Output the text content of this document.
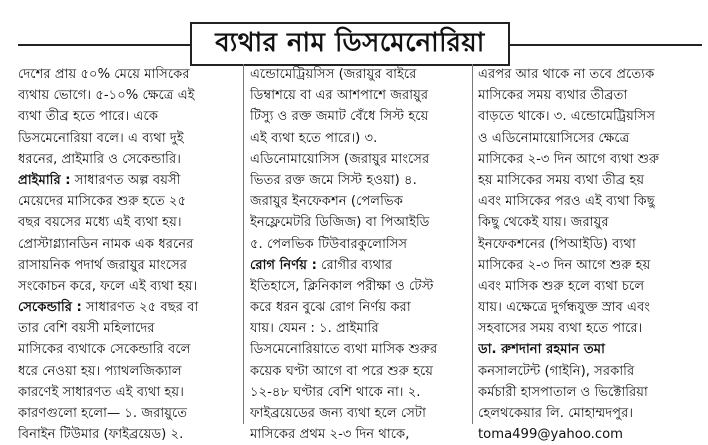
ব্যথার নাম ডিসমেনোরিয়া
দেশের প্রায় ৫০% মেয়ে মাসিকের
ব্যথায় ভোগে। ৫-১০% ক্ষেত্রে এই
ব্যথা তীব্র হতে পারে। একে
ডিসমেনোরিয়া বলে। এ ব্যথা দুই
ধরনের, প্রাইমারি ও সেকেন্ডারি।
প্রাইমারি : সাধারণত অল্প বয়সী
মেয়েদের মাসিকের শুরু হতে ২৫
বছর বয়সের মধ্যে এই ব্যথা হয়।
প্রোস্টাগ্ল্যানডিন নামক এক ধরনের
রাসায়নিক পদার্থ জরায়ুর মাংসের
সংকোচন করে, ফলে এই ব্যথা হয়।
সেকেন্ডারি : সাধারণত ২৫ বছর বা
তার বেশি বয়সী মহিলাদের
মাসিকের ব্যথাকে সেকেন্ডারি বলে
ধরে নেওয়া হয়। প্যাথলজিক্যাল
কারণেই সাধারণত এই ব্যথা হয়।
কারণগুলো হলো— ১. জরায়ুতে
বিনাইন টিউমার (ফাইব্রয়েড) ২.
এন্ডোমেট্রিয়সিস (জরায়ুর বাইরে
ডিম্বাশয়ে বা এর আশপাশে জরায়ুর
টিস্যু ও রক্ত জমাট বেঁধে সিস্ট হয়ে
এই ব্যথা হতে পারে।) ৩.
এডিনোমায়োসিস (জরায়ুর মাংসের
ভিতর রক্ত জমে সিস্ট হওয়া) ৪.
জরায়ুর ইনফেকশন (পেলভিক
ইনফ্লেমেটরি ডিজিজ) বা পিআইডি
৫. পেলভিক টিউবারকুলোসিস
রোগ নির্ণয় : রোগীর ব্যথার
ইতিহাসে, ক্লিনিকাল পরীক্ষা ও টেস্ট
করে ধরন বুঝে রোগ নির্ণয় করা
যায়। যেমন : ১. প্রাইমারি
ডিসমেনোরিয়াতে ব্যথা মাসিক শুরুর
কয়েক ঘণ্টা আগে বা পরে শুরু হয়ে
১২-৪৮ ঘণ্টার বেশি থাকে না। ২.
ফাইব্রয়েডের জন্য ব্যথা হলে সেটা
মাসিকের প্রথম ২-৩ দিন থাকে,
এরপর আর থাকে না তবে প্রত্যেক
মাসিকের সময় ব্যথার তীব্রতা
বাড়তে থাকে। ৩. এন্ডোমেট্রিয়সিস
ও এডিনোমায়োসিসের ক্ষেত্রে
মাসিকের ২-৩ দিন আগে ব্যথা শুরু
হয় মাসিকের সময় ব্যথা তীব্র হয়
এবং মাসিকের পরও এই ব্যথা কিছু
কিছু থেকেই যায়। জরায়ুর
ইনফেকশনের (পিআইডি) ব্যথা
মাসিকের ২-৩ দিন আগে শুরু হয়
এবং মাসিক শুরু হলে ব্যথা চলে
যায়। এক্ষেত্রে দুর্গন্ধযুক্ত স্রাব এবং
সহবাসের সময় ব্যথা হতে পারে।
ডা. রুশদানা রহমান তমা
কনসালটেন্ট (গাইনি), সরকারি
কর্মচারী হাসপাতাল ও ভিক্টোরিয়া
হেলথকেয়ার লি. মোহাম্মদপুর।
toma499@yahoo.com
